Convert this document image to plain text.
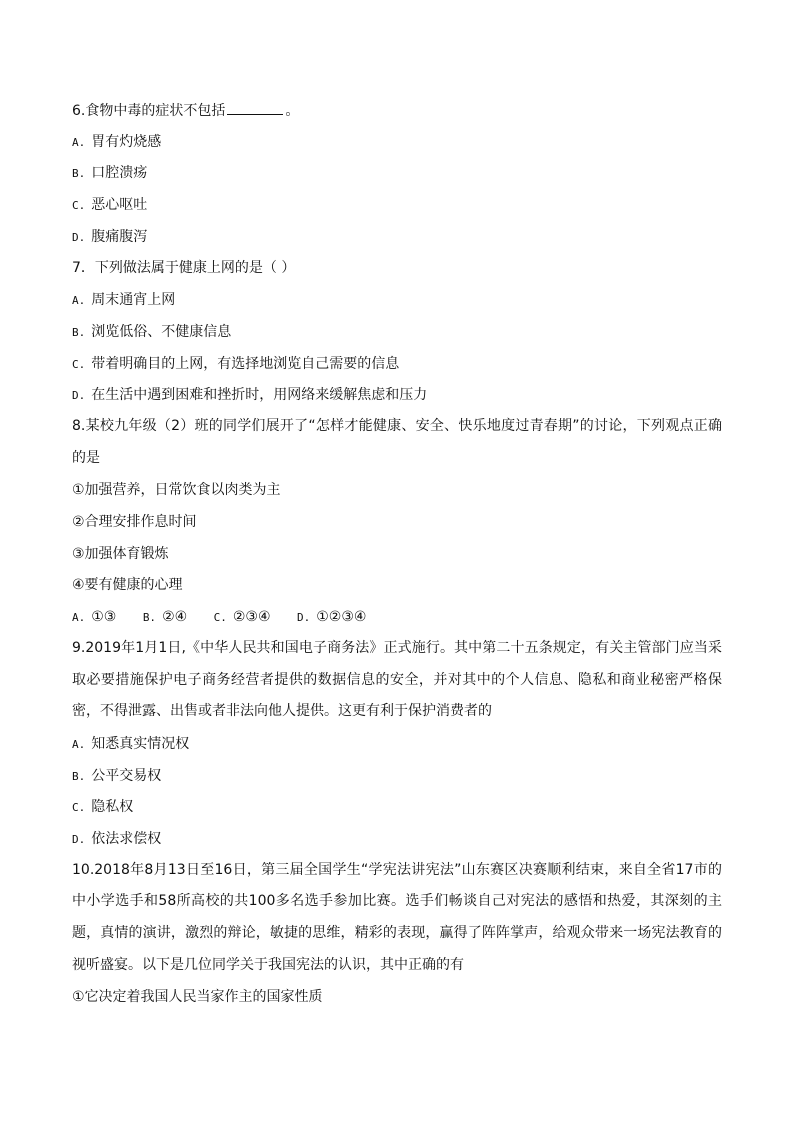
6.食物中毒的症状不包括	。
A. 胃有灼烧感
B. 口腔溃疡
C. 恶心呕吐
D. 腹痛腹泻
7．下列做法属于健康上网的是（ ）
A. 周末通宵上网
B. 浏览低俗、不健康信息
C. 带着明确目的上网，有选择地浏览自己需要的信息
D. 在生活中遇到困难和挫折时，用网络来缓解焦虑和压力
8.某校九年级（2）班的同学们展开了“怎样才能健康、安全、快乐地度过青春期”的讨论，下列观点正确的是
①加强营养，日常饮食以肉类为主
②合理安排作息时间
③加强体育锻炼
④要有健康的心理
A. ①③ B. ②④ C. ②③④ D. ①②③④
9.2019年1月1日,《中华人民共和国电子商务法》正式施行。其中第二十五条规定，有关主管部门应当采取必要措施保护电子商务经营者提供的数据信息的安全，并对其中的个人信息、隐私和商业秘密严格保密，不得泄露、出售或者非法向他人提供。这更有利于保护消费者的
A. 知悉真实情况权
B. 公平交易权
C. 隐私权
D. 依法求偿权
10.2018年8月13日至16日，第三届全国学生“学宪法讲宪法”山东赛区决赛顺利结束，来自全省17市的中小学选手和58所高校的共100多名选手参加比赛。选手们畅谈自己对宪法的感悟和热爱，其深刻的主题，真情的演讲，激烈的辩论，敏捷的思维，精彩的表现，赢得了阵阵掌声，给观众带来一场宪法教育的视听盛宴。以下是几位同学关于我国宪法的认识，其中正确的有
①它决定着我国人民当家作主的国家性质
